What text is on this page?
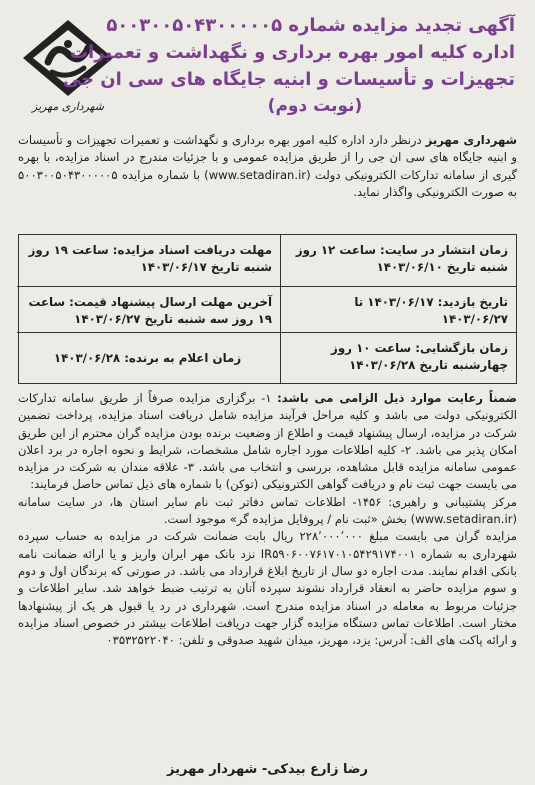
شهرداری مهریز
آگهی تجدید مزایده شماره ۵۰۰۳۰۰۵۰۴۳۰۰۰۰۰۵
اداره کلیه امور بهره برداری و نگهداشت و تعمیرات
تجهیزات و تأسیسات و ابنیه جایگاه های سی ان جی
(نوبت دوم)
شهرداری مهریز درنظر دارد اداره کلیه امور بهره برداری و نگهداشت و تعمیرات تجهیزات و تأسیسات و ابنیه جایگاه های سی ان جی را از طریق مزایده عمومی و با جزئیات مندرج در اسناد مزایده، با بهره گیری از سامانه تدارکات الکترونیکی دولت (www.setadiran.ir) با شماره مزایده ۵۰۰۳۰۰۵۰۴۳۰۰۰۰۰۵ به صورت الکترونیکی واگذار نماید.
زمان انتشار در سایت: ساعت ۱۲ روز شنبه تاریخ ۱۴۰۳/۰۶/۱۰
مهلت دریافت اسناد مزایده: ساعت ۱۹ روز شنبه تاریخ ۱۴۰۳/۰۶/۱۷
تاریخ بازدید: ۱۴۰۳/۰۶/۱۷ تا ۱۴۰۳/۰۶/۲۷
آخرین مهلت ارسال پیشنهاد قیمت: ساعت ۱۹ روز سه شنبه تاریخ ۱۴۰۳/۰۶/۲۷
زمان بازگشایی: ساعت ۱۰ روز چهارشنبه تاریخ ۱۴۰۳/۰۶/۲۸
زمان اعلام به برنده: ۱۴۰۳/۰۶/۲۸

ضمناً رعایت موارد ذیل الزامی می باشد: ۱- برگزاری مزایده صرفاً از طریق سامانه تدارکات الکترونیکی دولت می باشد و کلیه مراحل فرآیند مزایده شامل دریافت اسناد مزایده، پرداخت تضمین شرکت در مزایده، ارسال پیشنهاد قیمت و اطلاع از وضعیت برنده بودن مزایده گران محترم از این طریق امکان پذیر می باشد. ۲- کلیه اطلاعات مورد اجاره شامل مشخصات، شرایط و نحوه اجاره در برد اعلان عمومی سامانه مزایده قابل مشاهده، بررسی و انتخاب می باشد. ۳- علاقه مندان به شرکت در مزایده می بایست جهت ثبت نام و دریافت گواهی الکترونیکی (توکن) با شماره های ذیل تماس حاصل فرمایند:

مرکز پشتیبانی و راهبری: ۱۴۵۶- اطلاعات تماس دفاتر ثبت نام سایر استان ها، در سایت سامانه (www.setadiran.ir) بخش «ثبت نام / پروفایل مزایده گر» موجود است.

مزایده گران می بایست مبلغ ۲۲۸٬۰۰۰٬۰۰۰ ریال بابت ضمانت شرکت در مزایده به حساب سپرده شهرداری به شماره IR۵۹۰۶۰۰۷۶۱۷۰۱۰۵۴۲۹۱۷۴۰۰۱ نزد بانک مهر ایران واریز و یا ارائه ضمانت نامه بانکی اقدام نمایند. مدت اجاره دو سال از تاریخ ابلاغ قرارداد می باشد. در صورتی که برندگان اول و دوم و سوم مزایده حاضر به انعقاد قرارداد نشوند سپرده آنان به ترتیب ضبط خواهد شد. سایر اطلاعات و جزئیات مربوط به معامله در اسناد مزایده مندرج است. شهرداری در رد یا قبول هر یک از پیشنهادها مختار است. اطلاعات تماس دستگاه مزایده گزار جهت دریافت اطلاعات بیشتر در خصوص اسناد مزایده و ارائه پاکت های الف: آدرس: یزد، مهریز، میدان شهید صدوقی و تلفن: ۰۳۵۳۲۵۲۲۰۴۰

رضا زارع بیدکی- شهردار مهریز
